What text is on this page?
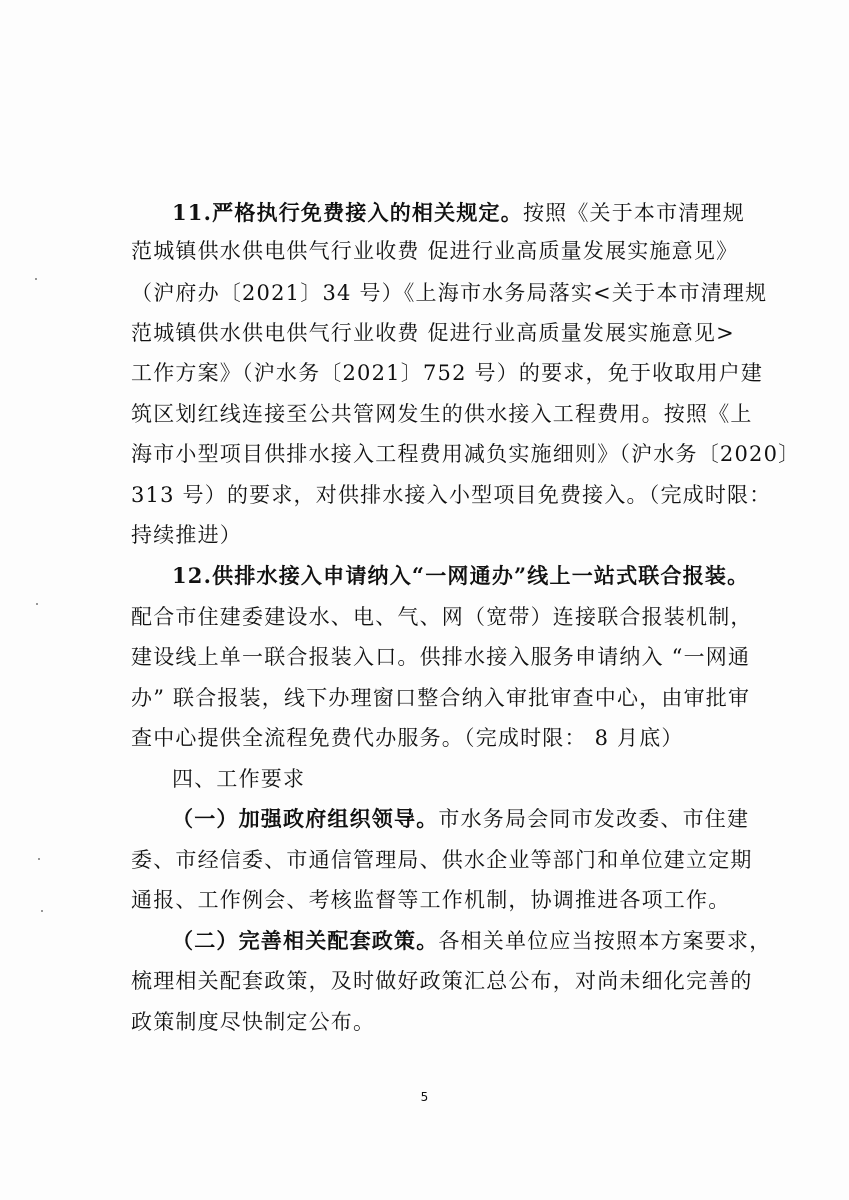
11.严格执行免费接入的相关规定。按照《关于本市清理规
范城镇供水供电供气行业收费 促进行业高质量发展实施意见》
（沪府办〔2021〕34 号）《上海市水务局落实<关于本市清理规
范城镇供水供电供气行业收费 促进行业高质量发展实施意见>
工作方案》（沪水务〔2021〕752 号）的要求，免于收取用户建
筑区划红线连接至公共管网发生的供水接入工程费用。按照《上
海市小型项目供排水接入工程费用减负实施细则》（沪水务〔2020〕
313 号）的要求，对供排水接入小型项目免费接入。（完成时限：
持续推进）
12.供排水接入申请纳入“一网通办”线上一站式联合报装。
配合市住建委建设水、电、气、网（宽带）连接联合报装机制，
建设线上单一联合报装入口。供排水接入服务申请纳入 “一网通
办” 联合报装，线下办理窗口整合纳入审批审查中心，由审批审
查中心提供全流程免费代办服务。（完成时限： 8 月底）
四、工作要求
（一）加强政府组织领导。市水务局会同市发改委、市住建
委、市经信委、市通信管理局、供水企业等部门和单位建立定期
通报、工作例会、考核监督等工作机制，协调推进各项工作。
（二）完善相关配套政策。各相关单位应当按照本方案要求，
梳理相关配套政策，及时做好政策汇总公布，对尚未细化完善的
政策制度尽快制定公布。
5
